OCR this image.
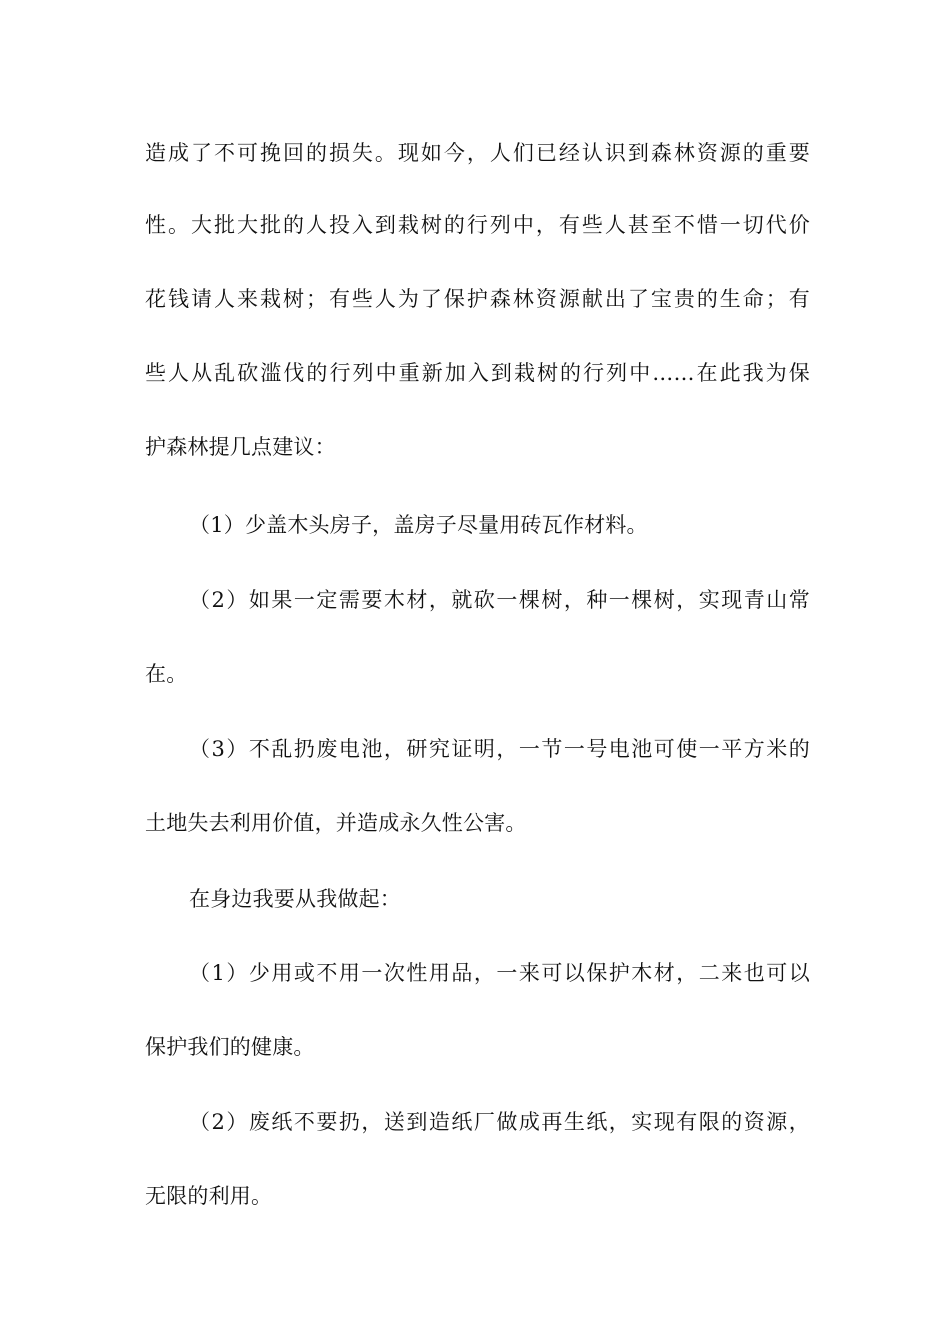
造成了不可挽回的损失。现如今，人们已经认识到森林资源的重要
性。大批大批的人投入到栽树的行列中，有些人甚至不惜一切代价
花钱请人来栽树；有些人为了保护森林资源献出了宝贵的生命；有
些人从乱砍滥伐的行列中重新加入到栽树的行列中……在此我为保
护森林提几点建议：
（1）少盖木头房子，盖房子尽量用砖瓦作材料。
（2）如果一定需要木材，就砍一棵树，种一棵树，实现青山常
在。
（3）不乱扔废电池，研究证明，一节一号电池可使一平方米的
土地失去利用价值，并造成永久性公害。
在身边我要从我做起：
（1）少用或不用一次性用品，一来可以保护木材，二来也可以
保护我们的健康。
（2）废纸不要扔，送到造纸厂做成再生纸，实现有限的资源，
无限的利用。
